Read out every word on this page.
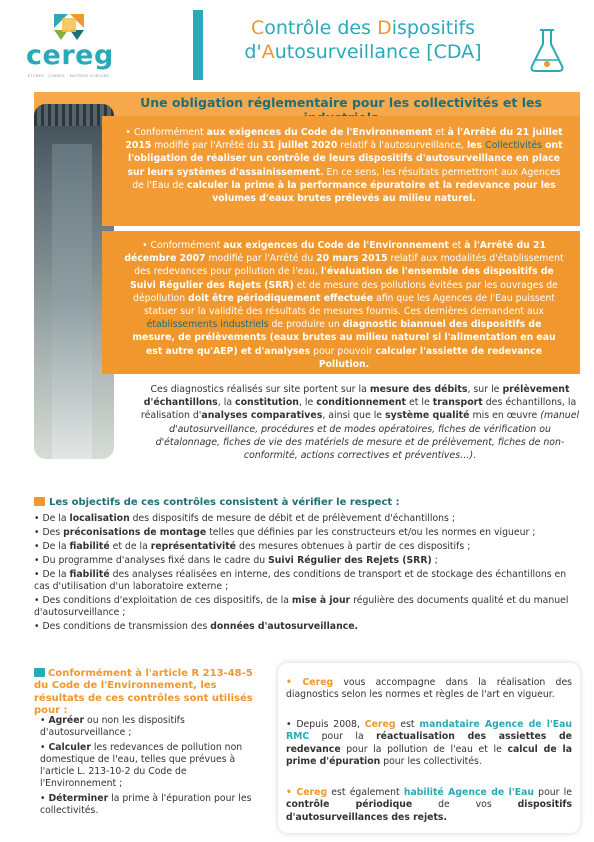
cereg
ÉTUDES · CONSEIL · MAÎTRISE D'ŒUVRE
Contrôle des Dispositifs
d'Autosurveillance [CDA]
Une obligation réglementaire pour les collectivités et les
• Conformément aux exigences du Code de l'Environnement et à l'Arrêté du 21 juillet 2015 modifié par l'Arrêté du 31 juillet 2020 relatif à l'autosurveillance, les Collectivités ont l'obligation de réaliser un contrôle de leurs dispositifs d'autosurveillance en place sur leurs systèmes d'assainissement. En ce sens, les résultats permettront aux Agences de l'Eau de calculer la prime à la performance épuratoire et la redevance pour les volumes d'eaux brutes prélevés au milieu naturel.
• Conformément aux exigences du Code de l'Environnement et à l'Arrêté du 21 décembre 2007 modifié par l'Arrêté du 20 mars 2015 relatif aux modalités d'établissement des redevances pour pollution de l'eau, l'évaluation de l'ensemble des dispositifs de Suivi Régulier des Rejets (SRR) et de mesure des pollutions évitées par les ouvrages de dépollution doit être périodiquement effectuée afin que les Agences de l'Eau puissent statuer sur la validité des résultats de mesures fournis. Ces dernières demandent aux établissements industriels de produire un diagnostic biannuel des dispositifs de mesure, de prélèvements (eaux brutes au milieu naturel si l'alimentation en eau est autre qu'AEP) et d'analyses pour pouvoir calculer l'assiette de redevance Pollution.
Ces diagnostics réalisés sur site portent sur la mesure des débits, sur le prélèvement d'échantillons, la constitution, le conditionnement et le transport des échantillons, la réalisation d'analyses comparatives, ainsi que le système qualité mis en œuvre (manuel d'autosurveillance, procédures et de modes opératoires, fiches de vérification ou d'étalonnage, fiches de vie des matériels de mesure et de prélèvement, fiches de non-conformité, actions correctives et préventives…).
Les objectifs de ces contrôles consistent à vérifier le respect :
• De la localisation des dispositifs de mesure de débit et de prélèvement d'échantillons ;
• Des préconisations de montage telles que définies par les constructeurs et/ou les normes en vigueur ;
• De la fiabilité et de la représentativité des mesures obtenues à partir de ces dispositifs ;
• Du programme d'analyses fixé dans le cadre du Suivi Régulier des Rejets (SRR) ;
• De la fiabilité des analyses réalisées en interne, des conditions de transport et de stockage des échantillons en cas d'utilisation d'un laboratoire externe ;
• Des conditions d'exploitation de ces dispositifs, de la mise à jour régulière des documents qualité et du manuel d'autosurveillance ;
• Des conditions de transmission des données d'autosurveillance.
Conformément à l'article R 213-48-5 du Code de l'Environnement, les résultats de ces contrôles sont utilisés pour :
• Agréer ou non les dispositifs d'autosurveillance ;
• Calculer les redevances de pollution non domestique de l'eau, telles que prévues à l'article L. 213-10-2 du Code de l'Environnement ;
• Déterminer la prime à l'épuration pour les collectivités.

• Cereg vous accompagne dans la réalisation des diagnostics selon les normes et règles de l'art en vigueur.

• Depuis 2008, Cereg est mandataire Agence de l'Eau RMC pour la réactualisation des assiettes de redevance pour la pollution de l'eau et le calcul de la prime d'épuration pour les collectivités.

• Cereg est également habilité Agence de l'Eau pour le contrôle périodique de vos dispositifs d'autosurveillances des rejets.
